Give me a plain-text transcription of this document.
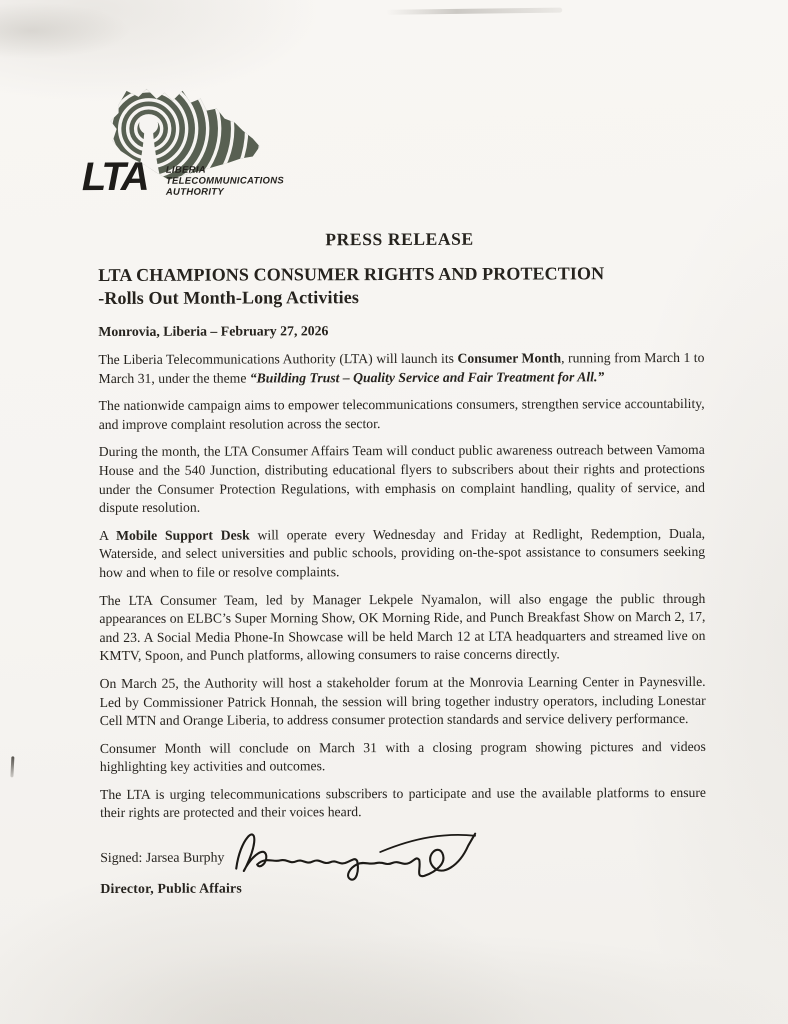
LTA LIBERIA
TELECOMMUNICATIONS
AUTHORITY
PRESS RELEASE
LTA CHAMPIONS CONSUMER RIGHTS AND PROTECTION
-Rolls Out Month-Long Activities
Monrovia, Liberia – February 27, 2026

The Liberia Telecommunications Authority (LTA) will launch its Consumer Month, running from March 1 to March 31, under the theme “Building Trust – Quality Service and Fair Treatment for All.”

The nationwide campaign aims to empower telecommunications consumers, strengthen service accountability, and improve complaint resolution across the sector.

During the month, the LTA Consumer Affairs Team will conduct public awareness outreach between Vamoma House and the 540 Junction, distributing educational flyers to subscribers about their rights and protections under the Consumer Protection Regulations, with emphasis on complaint handling, quality of service, and dispute resolution.

A Mobile Support Desk will operate every Wednesday and Friday at Redlight, Redemption, Duala, Waterside, and select universities and public schools, providing on-the-spot assistance to consumers seeking how and when to file or resolve complaints.

The LTA Consumer Team, led by Manager Lekpele Nyamalon, will also engage the public through appearances on ELBC’s Super Morning Show, OK Morning Ride, and Punch Breakfast Show on March 2, 17, and 23. A Social Media Phone-In Showcase will be held March 12 at LTA headquarters and streamed live on KMTV, Spoon, and Punch platforms, allowing consumers to raise concerns directly.

On March 25, the Authority will host a stakeholder forum at the Monrovia Learning Center in Paynesville. Led by Commissioner Patrick Honnah, the session will bring together industry operators, including Lonestar Cell MTN and Orange Liberia, to address consumer protection standards and service delivery performance.

Consumer Month will conclude on March 31 with a closing program showing pictures and videos highlighting key activities and outcomes.

The LTA is urging telecommunications subscribers to participate and use the available platforms to ensure their rights are protected and their voices heard.

Signed: Jarsea Burphy
Director, Public Affairs
